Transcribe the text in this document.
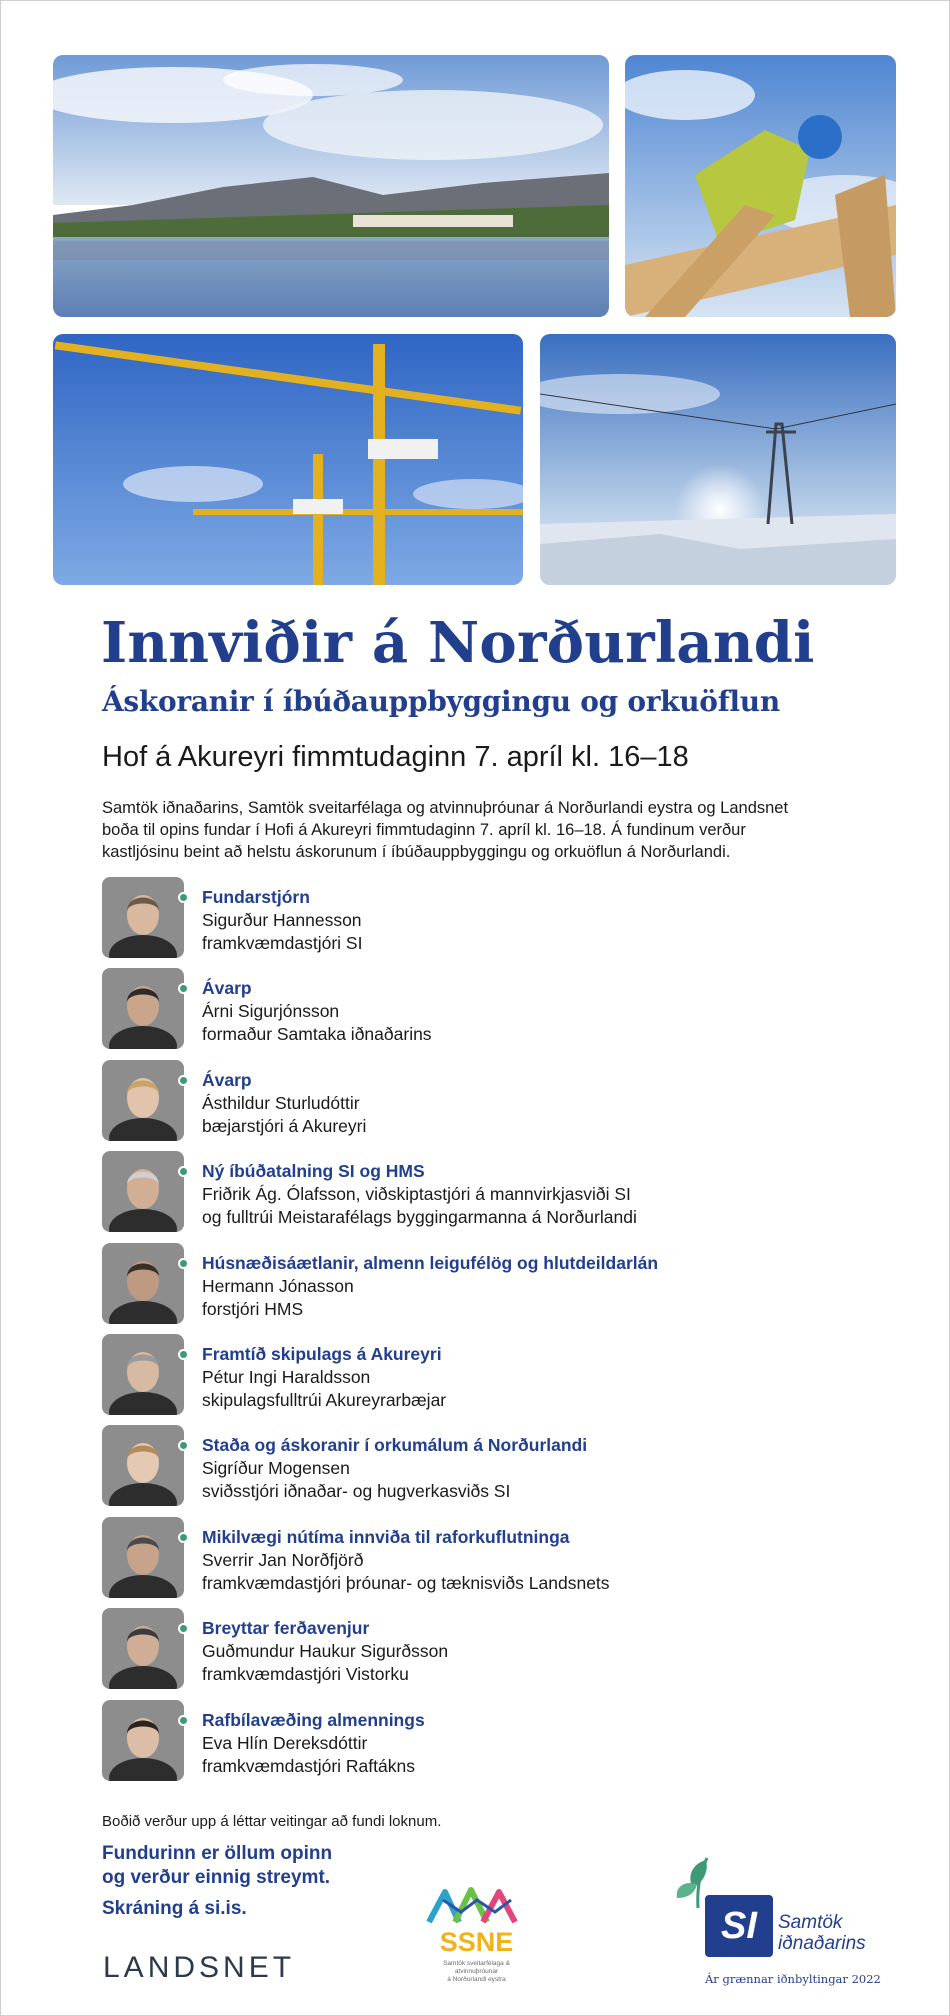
Innviðir á Norðurlandi
Áskoranir í íbúðauppbyggingu og orkuöflun
Hof á Akureyri fimmtudaginn 7. apríl kl. 16–18
Samtök iðnaðarins, Samtök sveitarfélaga og atvinnuþróunar á Norðurlandi eystra og Landsnet
boða til opins fundar í Hofi á Akureyri fimmtudaginn 7. apríl kl. 16–18. Á fundinum verður
kastljósinu beint að helstu áskorunum í íbúðauppbyggingu og orkuöflun á Norðurlandi.
Fundarstjórn
Sigurður Hannesson
framkvæmdastjóri SI
Ávarp
Árni Sigurjónsson
formaður Samtaka iðnaðarins
Ávarp
Ásthildur Sturludóttir
bæjarstjóri á Akureyri
Ný íbúðatalning SI og HMS
Friðrik Ág. Ólafsson, viðskiptastjóri á mannvirkjasviði SI
og fulltrúi Meistarafélags byggingarmanna á Norðurlandi
Húsnæðisáætlanir, almenn leigufélög og hlutdeildarlán
Hermann Jónasson
forstjóri HMS
Framtíð skipulags á Akureyri
Pétur Ingi Haraldsson
skipulagsfulltrúi Akureyrarbæjar
Staða og áskoranir í orkumálum á Norðurlandi
Sigríður Mogensen
sviðsstjóri iðnaðar- og hugverkasviðs SI
Mikilvægi nútíma innviða til raforkuflutninga
Sverrir Jan Norðfjörð
framkvæmdastjóri þróunar- og tæknisviðs Landsnets
Breyttar ferðavenjur
Guðmundur Haukur Sigurðsson
framkvæmdastjóri Vistorku
Rafbílavæðing almennings
Eva Hlín Dereksdóttir
framkvæmdastjóri Raftákns
Boðið verður upp á léttar veitingar að fundi loknum.
Fundurinn er öllum opinn
og verður einnig streymt.
Skráning á si.is.
LANDSNET
SSNE
Samtök sveitarfélaga & atvinnuþróunar
á Norðurlandi eystra
SI	Samtök
iðnaðarins
Ár grænnar iðnbyltingar 2022
